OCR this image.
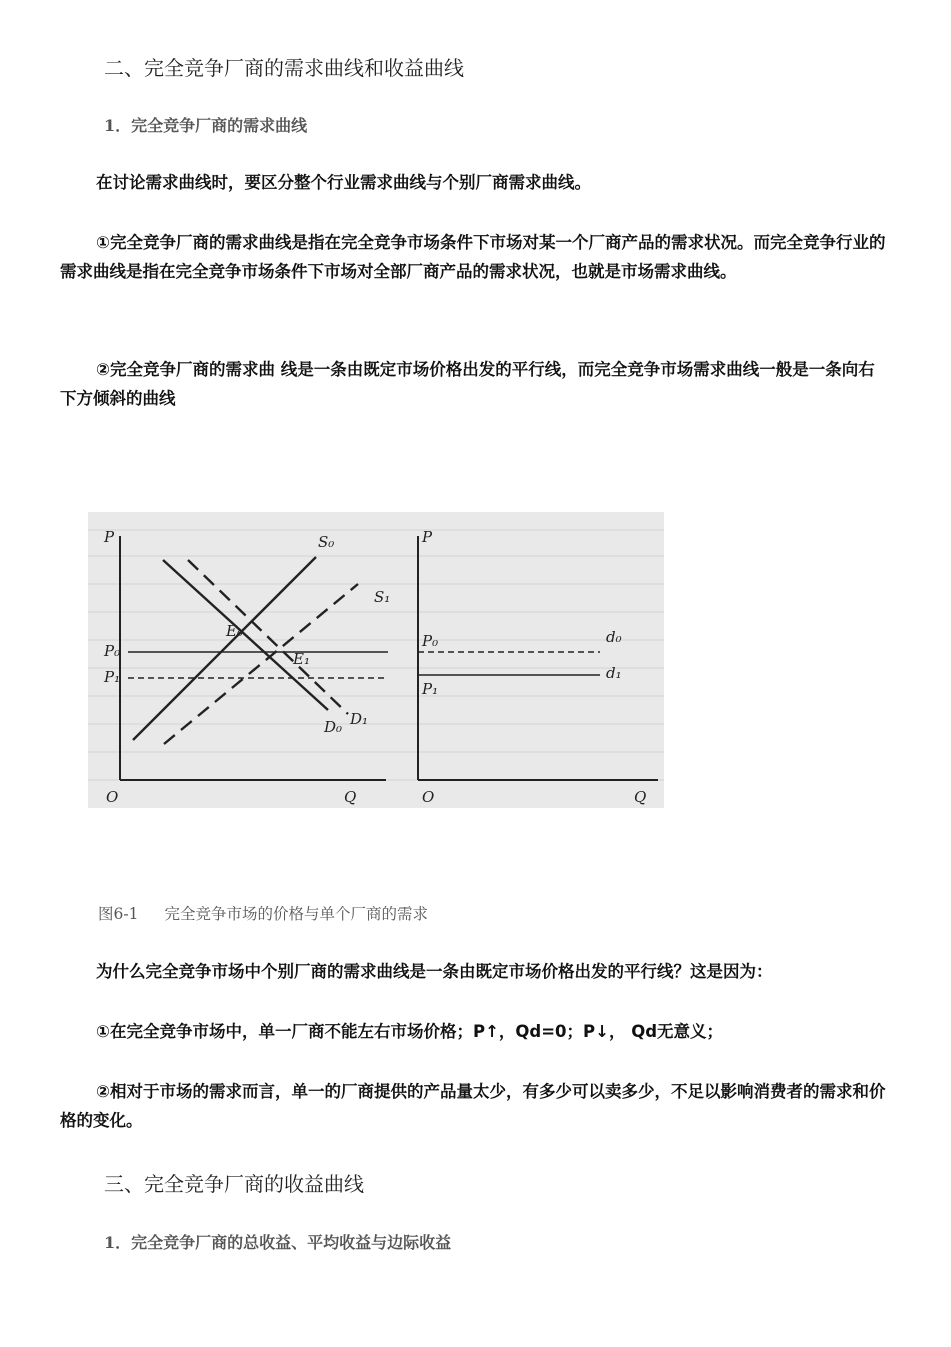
二、完全竞争厂商的需求曲线和收益曲线
1．完全竞争厂商的需求曲线

在讨论需求曲线时，要区分整个行业需求曲线与个别厂商需求曲线。

①完全竞争厂商的需求曲线是指在完全竞争市场条件下市场对某一个厂商产品的需求状况。而完全竞争行业的需求曲线是指在完全竞争市场条件下市场对全部厂商产品的需求状况，也就是市场需求曲线。

②完全竞争厂商的需求曲 线是一条由既定市场价格出发的平行线，而完全竞争市场需求曲线一般是一条向右下方倾斜的曲线

P
Q
O
P₀
P₁
S₀
S₁
E₀
E₁
D₀ D₁
P
Q
O
P₀
P₁
d₀
d₁
图6-1 完全竞争市场的价格与单个厂商的需求

为什么完全竞争市场中个别厂商的需求曲线是一条由既定市场价格出发的平行线？这是因为：

①在完全竞争市场中，单一厂商不能左右市场价格；P↑，Qd=0；P↓， Qd无意义；

②相对于市场的需求而言，单一的厂商提供的产品量太少，有多少可以卖多少，不足以影响消费者的需求和价格的变化。

三、完全竞争厂商的收益曲线
1．完全竞争厂商的总收益、平均收益与边际收益
